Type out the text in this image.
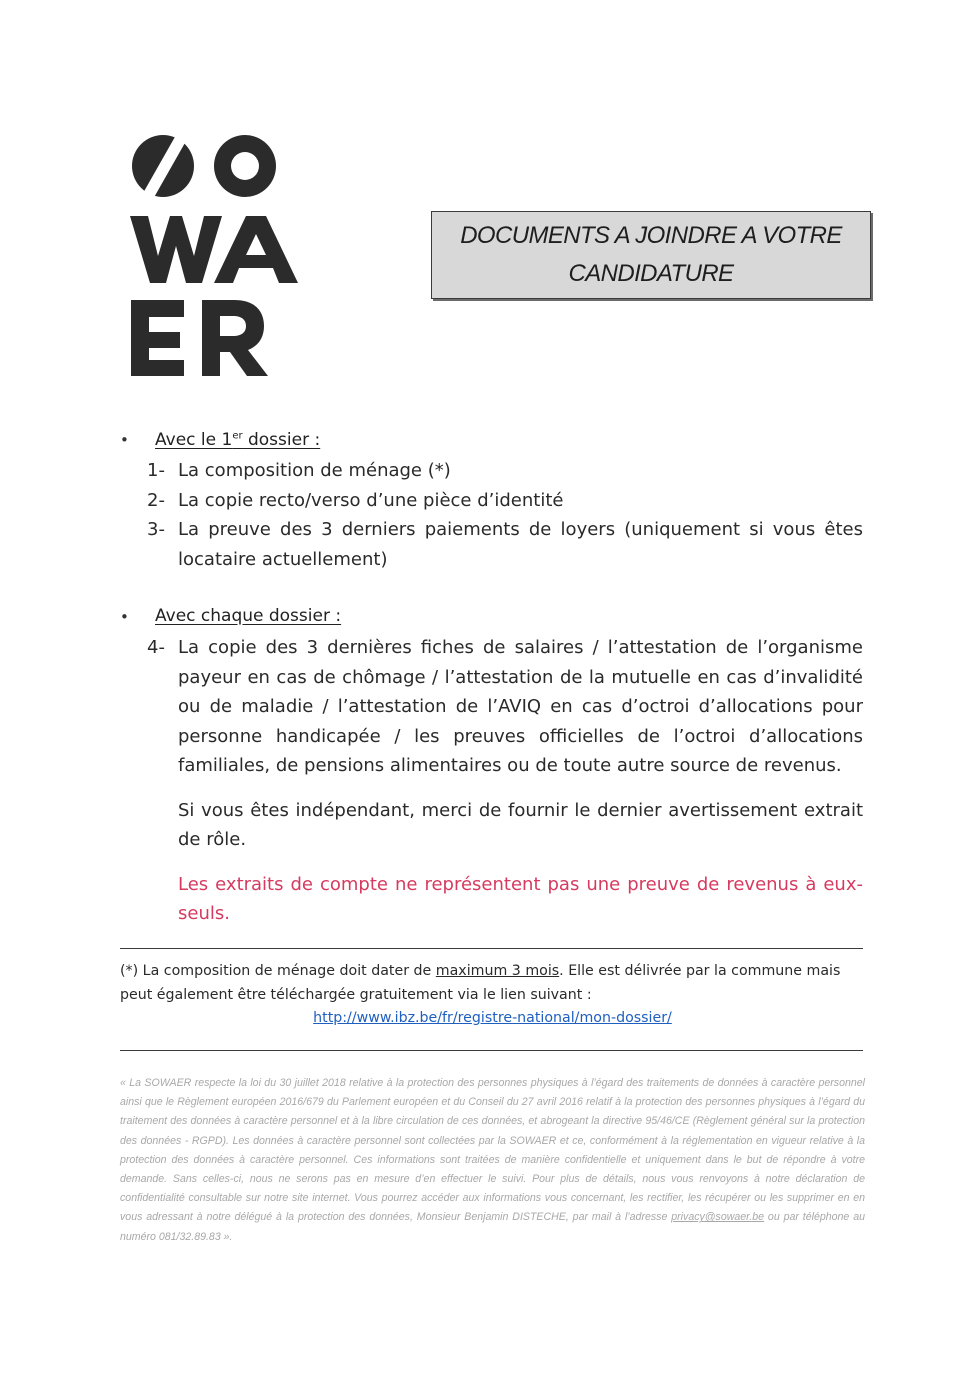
DOCUMENTS A JOINDRE A VOTRE
CANDIDATURE
• Avec le 1er dossier :
1- La composition de ménage (*)
2- La copie recto/verso d’une pièce d’identité
3- La preuve des 3 derniers paiements de loyers (uniquement si vous êtes locataire actuellement)
• Avec chaque dossier :
4- La copie des 3 dernières fiches de salaires / l’attestation de l’organisme payeur en cas de chômage / l’attestation de la mutuelle en cas d’invalidité ou de maladie / l’attestation de l’AVIQ en cas d’octroi d’allocations pour personne handicapée / les preuves officielles de l’octroi d’allocations familiales, de pensions alimentaires ou de toute autre source de revenus.
Si vous êtes indépendant, merci de fournir le dernier avertissement extrait de rôle.
Les extraits de compte ne représentent pas une preuve de revenus à eux-seuls.
(*) La composition de ménage doit dater de maximum 3 mois. Elle est délivrée par la commune mais peut également être téléchargée gratuitement via le lien suivant :
http://www.ibz.be/fr/registre-national/mon-dossier/
« La SOWAER respecte la loi du 30 juillet 2018 relative à la protection des personnes physiques à l’égard des traitements de données à caractère personnel ainsi que le Règlement européen 2016/679 du Parlement européen et du Conseil du 27 avril 2016 relatif à la protection des personnes physiques à l’égard du traitement des données à caractère personnel et à la libre circulation de ces données, et abrogeant la directive 95/46/CE (Règlement général sur la protection des données - RGPD). Les données à caractère personnel sont collectées par la SOWAER et ce, conformément à la réglementation en vigueur relative à la protection des données à caractère personnel. Ces informations sont traitées de manière confidentielle et uniquement dans le but de répondre à votre demande. Sans celles-ci, nous ne serons pas en mesure d’en effectuer le suivi. Pour plus de détails, nous vous renvoyons à notre déclaration de confidentialité consultable sur notre site internet. Vous pourrez accéder aux informations vous concernant, les rectifier, les récupérer ou les supprimer en en vous adressant à notre délégué à la protection des données, Monsieur Benjamin DISTECHE, par mail à l’adresse privacy@sowaer.be ou par téléphone au numéro 081/32.89.83 ».
